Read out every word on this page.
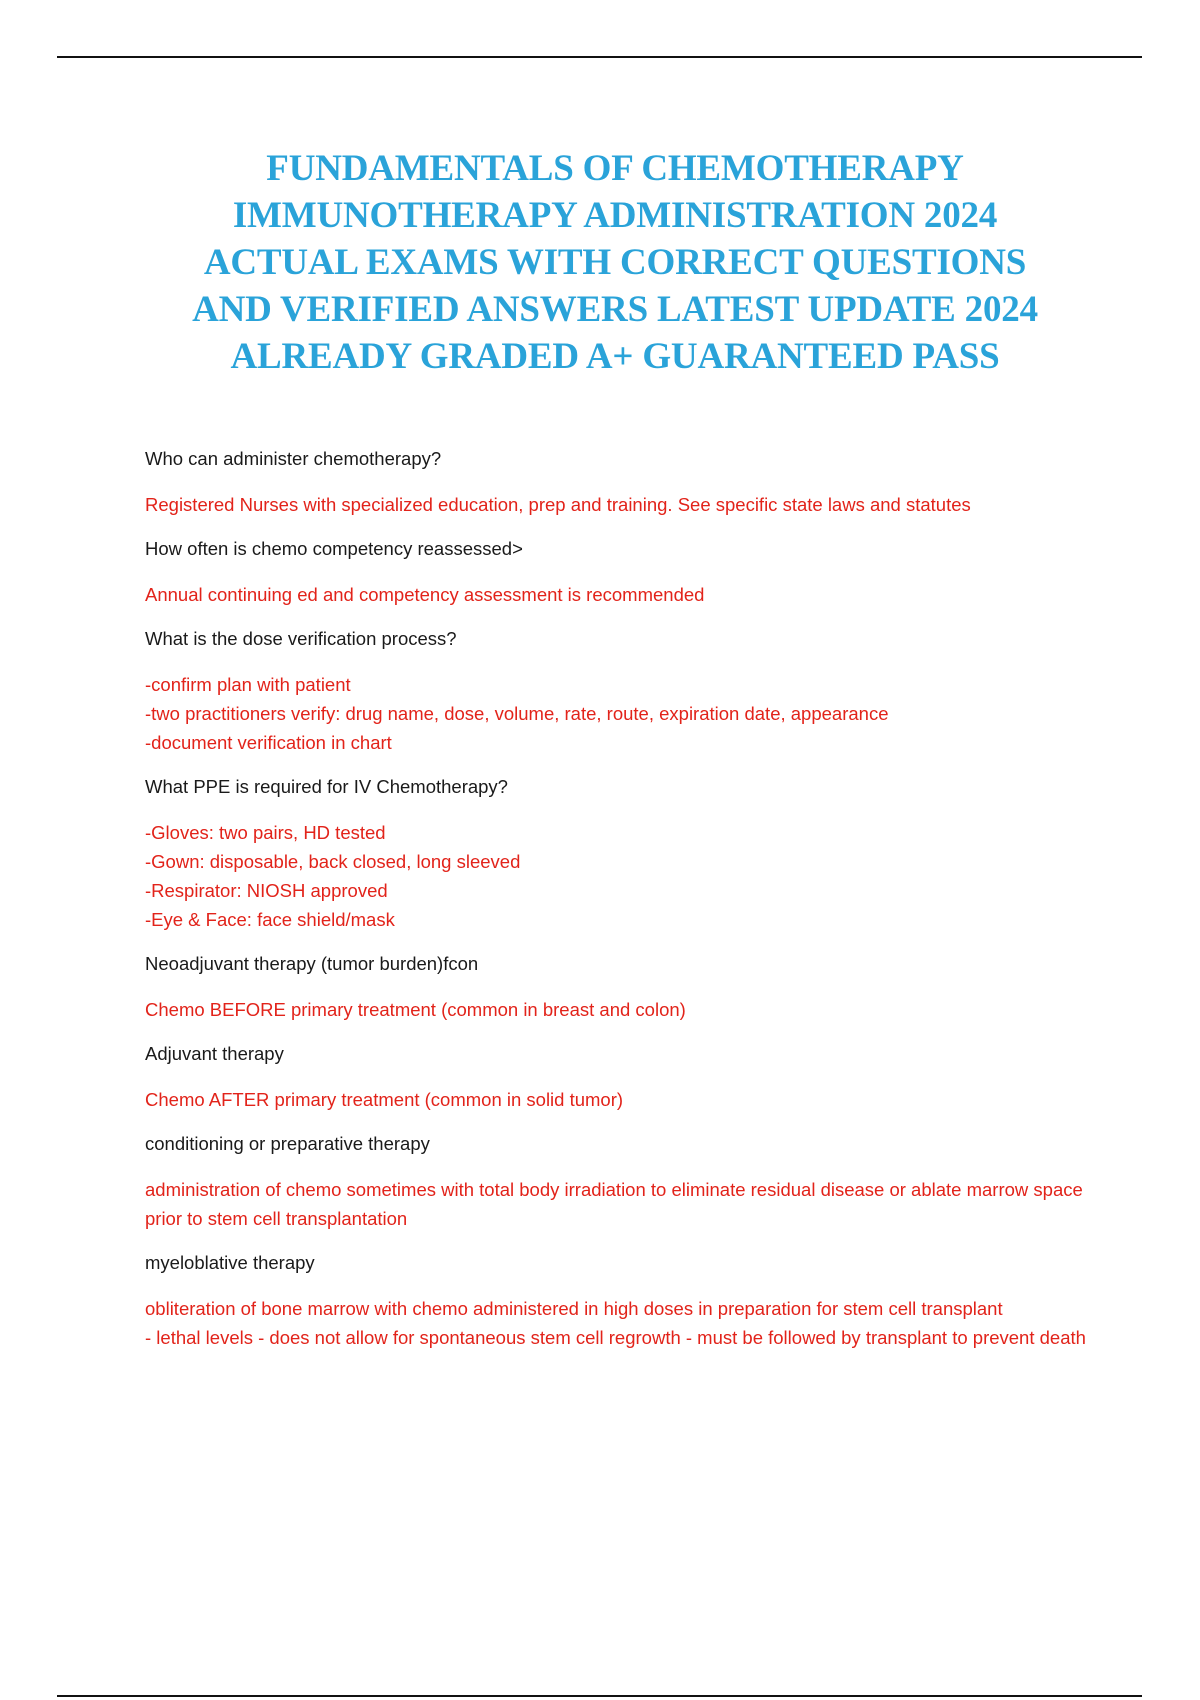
FUNDAMENTALS OF CHEMOTHERAPY
IMMUNOTHERAPY ADMINISTRATION 2024
ACTUAL EXAMS WITH CORRECT QUESTIONS
AND VERIFIED ANSWERS LATEST UPDATE 2024
ALREADY GRADED A+ GUARANTEED PASS

Who can administer chemotherapy?

Registered Nurses with specialized education, prep and training. See specific state laws and statutes

How often is chemo competency reassessed>

Annual continuing ed and competency assessment is recommended

What is the dose verification process?

-confirm plan with patient
-two practitioners verify: drug name, dose, volume, rate, route, expiration date, appearance
-document verification in chart

What PPE is required for IV Chemotherapy?

-Gloves: two pairs, HD tested
-Gown: disposable, back closed, long sleeved
-Respirator: NIOSH approved
-Eye & Face: face shield/mask

Neoadjuvant therapy (tumor burden)fcon

Chemo BEFORE primary treatment (common in breast and colon)

Adjuvant therapy

Chemo AFTER primary treatment (common in solid tumor)

conditioning or preparative therapy

administration of chemo sometimes with total body irradiation to eliminate residual disease or ablate marrow space prior to stem cell transplantation

myeloblative therapy

obliteration of bone marrow with chemo administered in high doses in preparation for stem cell transplant
- lethal levels - does not allow for spontaneous stem cell regrowth - must be followed by transplant to prevent death
